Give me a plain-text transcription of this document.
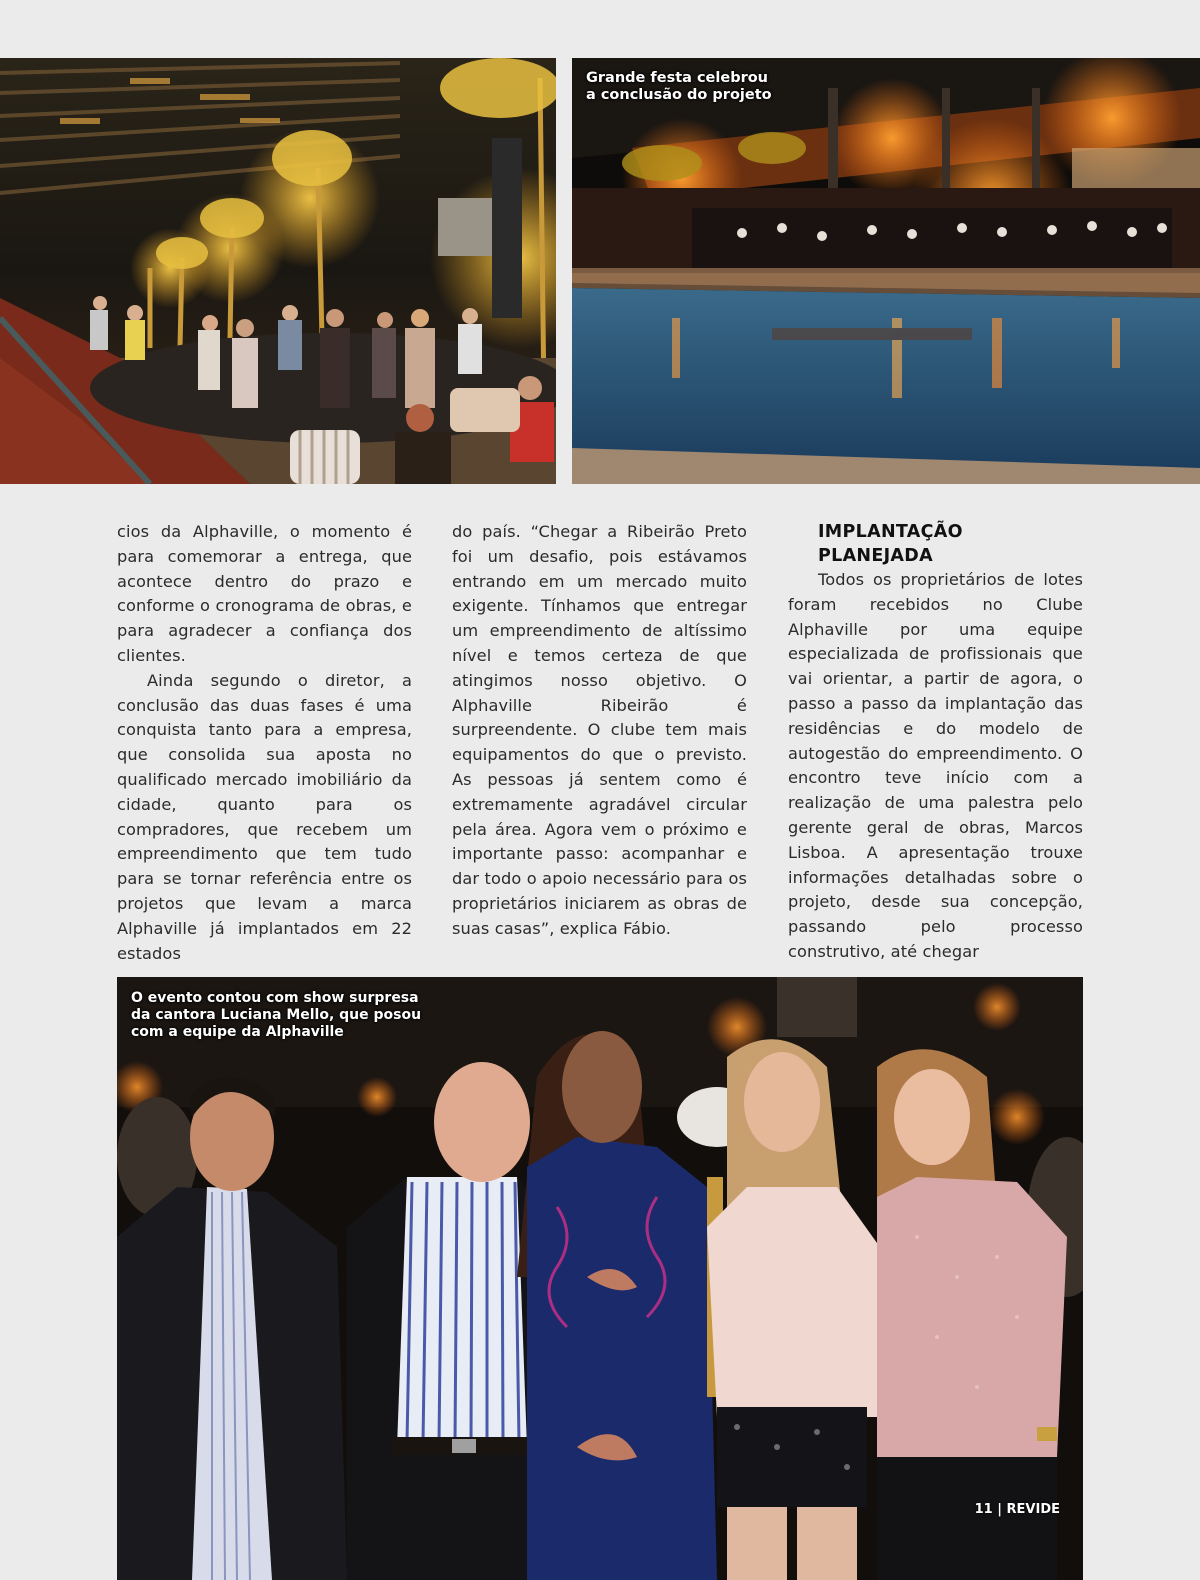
Grande festa celebrou
a conclusão do projeto

cios da Alphaville, o momento é para comemorar a entrega, que acontece dentro do prazo e conforme o cronograma de obras, e para agradecer a confiança dos clientes.

Ainda segundo o diretor, a conclusão das duas fases é uma conquista tanto para a empresa, que consolida sua aposta no qualificado mercado imobiliário da cidade, quanto para os compradores, que recebem um empreendimento que tem tudo para se tornar referência entre os projetos que levam a marca Alphaville já implantados em 22 estados

do país. “Chegar a Ribeirão Preto foi um desafio, pois estávamos entrando em um mercado muito exigente. Tínhamos que entregar um empreendimento de altíssimo nível e temos certeza de que atingimos nosso objetivo. O Alphaville Ribeirão é surpreendente. O clube tem mais equipamentos do que o previsto. As pessoas já sentem como é extremamente agradável circular pela área. Agora vem o próximo e importante passo: acompanhar e dar todo o apoio necessário para os proprietários iniciarem as obras de suas casas”, explica Fábio.

IMPLANTAÇÃO
PLANEJADA

Todos os proprietários de lotes foram recebidos no Clube Alphaville por uma equipe especializada de profissionais que vai orientar, a partir de agora, o passo a passo da implantação das residências e do modelo de autogestão do empreendimento. O encontro teve início com a realização de uma palestra pelo gerente geral de obras, Marcos Lisboa. A apresentação trouxe informações detalhadas sobre o projeto, desde sua concepção, passando pelo processo construtivo, até chegar

O evento contou com show surpresa
da cantora Luciana Mello, que posou
com a equipe da Alphaville
11 | REVIDE
